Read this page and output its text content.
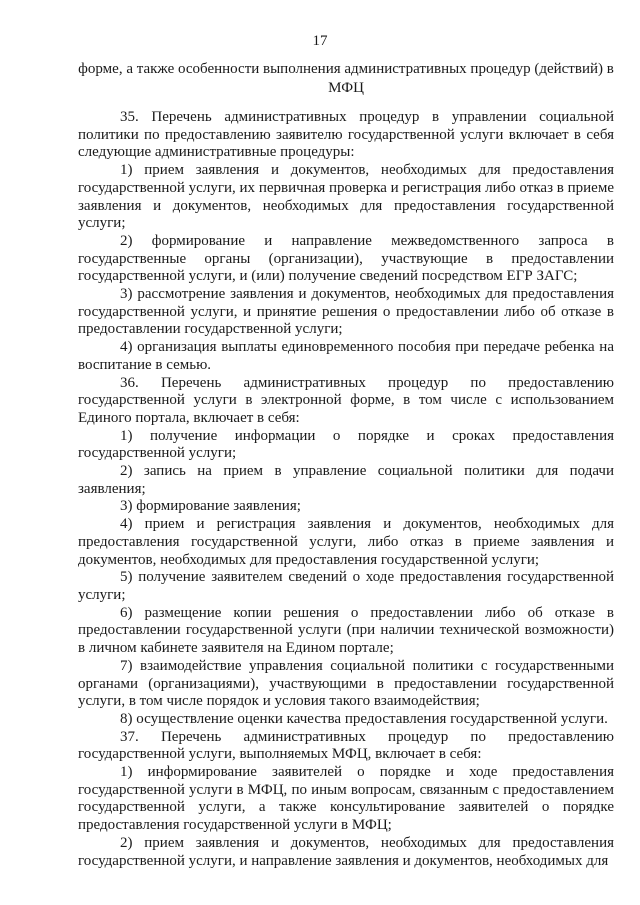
17
форме, а также особенности выполнения административных процедур (действий) в МФЦ

35. Перечень административных процедур в управлении социальной политики по предоставлению заявителю государственной услуги включает в себя следующие административные процедуры:

1) прием заявления и документов, необходимых для предоставления государственной услуги, их первичная проверка и регистрация либо отказ в приеме заявления и документов, необходимых для предоставления государственной услуги;

2) формирование и направление межведомственного запроса в государственные органы (организации), участвующие в предоставлении государственной услуги, и (или) получение сведений посредством ЕГР ЗАГС;

3) рассмотрение заявления и документов, необходимых для предоставления государственной услуги, и принятие решения о предоставлении либо об отказе в предоставлении государственной услуги;

4) организация выплаты единовременного пособия при передаче ребенка на воспитание в семью.

36. Перечень административных процедур по предоставлению государственной услуги в электронной форме, в том числе с использованием Единого портала, включает в себя:

1) получение информации о порядке и сроках предоставления государственной услуги;

2) запись на прием в управление социальной политики для подачи заявления;

3) формирование заявления;

4) прием и регистрация заявления и документов, необходимых для предоставления государственной услуги, либо отказ в приеме заявления и документов, необходимых для предоставления государственной услуги;

5) получение заявителем сведений о ходе предоставления государственной услуги;

6) размещение копии решения о предоставлении либо об отказе в предоставлении государственной услуги (при наличии технической возможности) в личном кабинете заявителя на Едином портале;

7) взаимодействие управления социальной политики с государственными органами (организациями), участвующими в предоставлении государственной услуги, в том числе порядок и условия такого взаимодействия;

8) осуществление оценки качества предоставления государственной услуги.

37. Перечень административных процедур по предоставлению государственной услуги, выполняемых МФЦ, включает в себя:

1) информирование заявителей о порядке и ходе предоставления государственной услуги в МФЦ, по иным вопросам, связанным с предоставлением государственной услуги, а также консультирование заявителей о порядке предоставления государственной услуги в МФЦ;

2) прием заявления и документов, необходимых для предоставления государственной услуги, и направление заявления и документов, необходимых для
